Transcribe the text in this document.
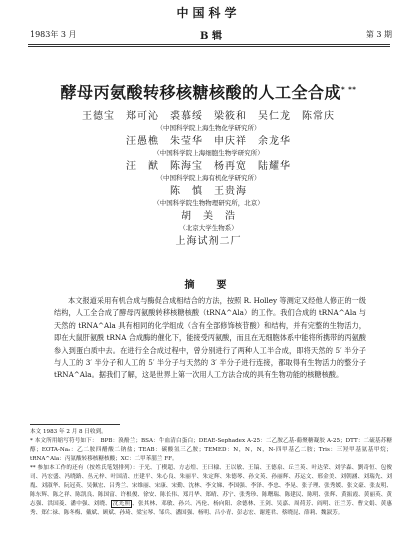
中国科学
1983年 3 月	B 辑	第 3 期
酵母丙氨酸转移核糖核酸的人工全合成* **
王德宝　郑可沁　裘慕绥　梁筱和　吴仁龙　陈常庆
（中国科学院上海生物化学研究所）
汪愚樵　朱莹华　申庆祥　余龙华
（中国科学院上海细胞生物学研究所）
汪　猷　陈海宝　杨再宽　陆耀华
（中国科学院上海有机化学研究所）
陈　慎　王贵海
（中国科学院生物物理研究所，北京）
胡　美　浩
（北京大学生物系）
上海试剂二厂
摘　要

本文报道采用有机合成与酶促合成相结合的方法，按照 R. Holley 等测定又经他人修正的一级结构，人工全合成了酵母丙氨酸转移核糖核酸（tRNA^Ala）的工作。我们合成的 tRNA^Ala 与天然的 tRNA^Ala 具有相同的化学组成（含有全部修饰核苷酸）和结构，并有完整的生物活力，即在大鼠肝氨酰 tRNA 合成酶的催化下，能接受丙氨酸，而且在无细胞体系中能将所携带的丙氨酸参入到蛋白质中去。在进行全合成过程中，曾分别进行了两种人工半合成，即将天然的 5′ 半分子与人工的 3′ 半分子和人工的 5′ 半分子与天然的 3′ 半分子进行连接，都取得有生物活力的整分子 tRNA^Ala。据我们了解，这是世界上第一次用人工方法合成的具有生物功能的核糖核酸。

本文 1983 年 2 月 8 日收到。

* 本文所用缩写符号如下：　BPB：溴酚兰；BSA：牛血清白蛋白；DEAE-Sephadex A-25：二乙胺乙基-葡聚糖凝胶 A-25；DTT：二硫基苏糖醇；EOTA-Na₂：乙二胺四醋酸二钠盐；TEAB：碳酸氢三乙胺；TEMED：N，N，N，N-四甲基乙二胺；Tris：三羟甲基氨基甲烷；tRNA^Ala：丙氨酸转移核糖核酸；XC：二甲苯腈兰 FF。

** 参加本工作的还有（按姓氏笔划排列）：于光、丁楔超、方志煌、王曰棣、王以敏、王镐、王德泉、丘兰英、叶达荣、刘学森、劉奇恒、包俊司、冯宏盛、冯晓路、丛元梓、叶国清、庄建平、朱心良、朱丽平、朱定辉、朱德琴、孙文英、孙丽辉、苏运文、邢金美、刘朝涵、刘瑞先、刘胤、刘淑华、阮冠英、吴佩宏、吕秀兰、宋维丽、宋康、宋勤、沈林、李文娣、李国强、李泽、李忠、李晃、张子理、张秀媛、张文豪、张友明、陈东辉、陈之祥、陈凯良、陈国富、许根俊、徐安、陈长伟、郑月华、郑晴、苏宁、张秀珍、陈曙瑞、陈建民、陈明、张辉、黄振霞、黄丽英、黄志强、洪国菱、潘中强、刘晓、 沈光照 、张其林、邓敏、孙兴、冯伦、杨向阳、余德林、王剑、吴嘉、周荷芳、阎明、汪兰芳、曹文娟、黄惠秀、郑仁禄、陈冬梅、戴斌、顾斌、孙琦、梁宝琴、邹兵、潘国强、杨明、吕小青、彭志宏、谢莲君、蔡晓昆、薛莉、魏淑芳。
